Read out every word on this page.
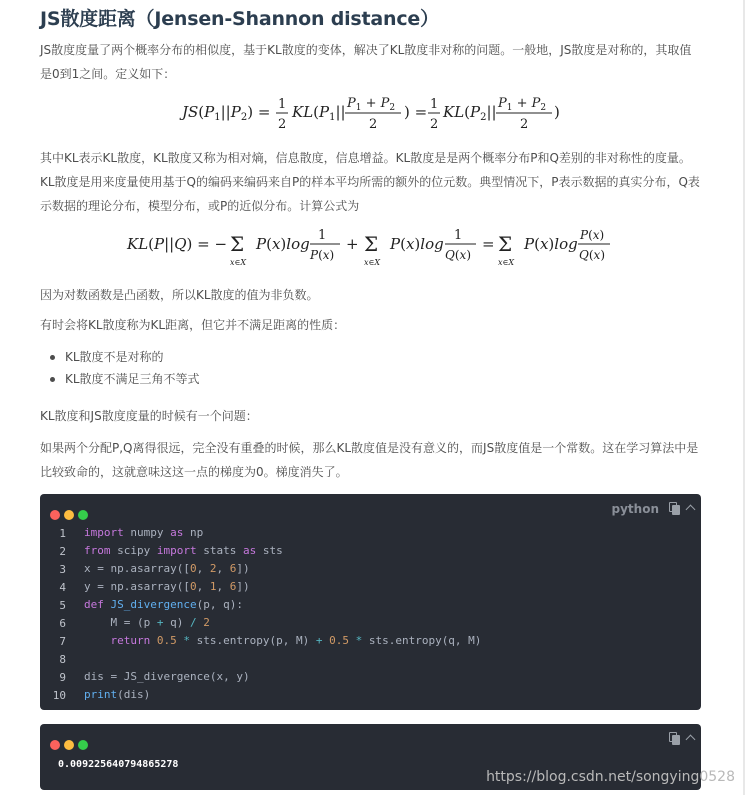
JS散度距离（Jensen-Shannon distance）
JS散度度量了两个概率分布的相似度，基于KL散度的变体，解决了KL散度非对称的问题。一般地，JS散度是对称的，其取值是0到1之间。定义如下：
$JS(P_1||P_2) = 1$
2
$KL(P_1||$ $P_1 + P_2$
2
) = 1
2
$KL(P_2||$ $P_1 + P_2$
2
)
其中KL表示KL散度，KL散度又称为相对熵，信息散度，信息增益。KL散度是是两个概率分布P和Q差别的非对称性的度量。KL散度是用来度量使用基于Q的编码来编码来自P的样本平均所需的额外的位元数。典型情况下，P表示数据的真实分布，Q表示数据的理论分布，模型分布，或P的近似分布。计算公式为
KL(P||Q) = − Σ
x∈X
P(x)log 1
P(x)
+ Σ
x∈X
P(x)log 1
Q(x)
= Σ
x∈X
P(x)log P(x)
Q(x)
因为对数函数是凸函数，所以KL散度的值为非负数。
有时会将KL散度称为KL距离，但它并不满足距离的性质：
KL散度不是对称的
KL散度不满足三角不等式
KL散度和JS散度度量的时候有一个问题：
如果两个分配P,Q离得很远，完全没有重叠的时候，那么KL散度值是没有意义的，而JS散度值是一个常数。这在学习算法中是比较致命的，这就意味这这一点的梯度为0。梯度消失了。
python
1 import numpy as np
2 from scipy import stats as sts
3 x = np.asarray([0, 2, 6])
4 y = np.asarray([0, 1, 6])
5 def JS_divergence(p, q):
6 M = (p + q) / 2
7	return 0.5 * sts.entropy(p, M) + 0.5 * sts.entropy(q, M)
8
9 dis = JS_divergence(x, y)
10 print(dis)
0.009225640794865278
https://blog.csdn.net/songying0528
